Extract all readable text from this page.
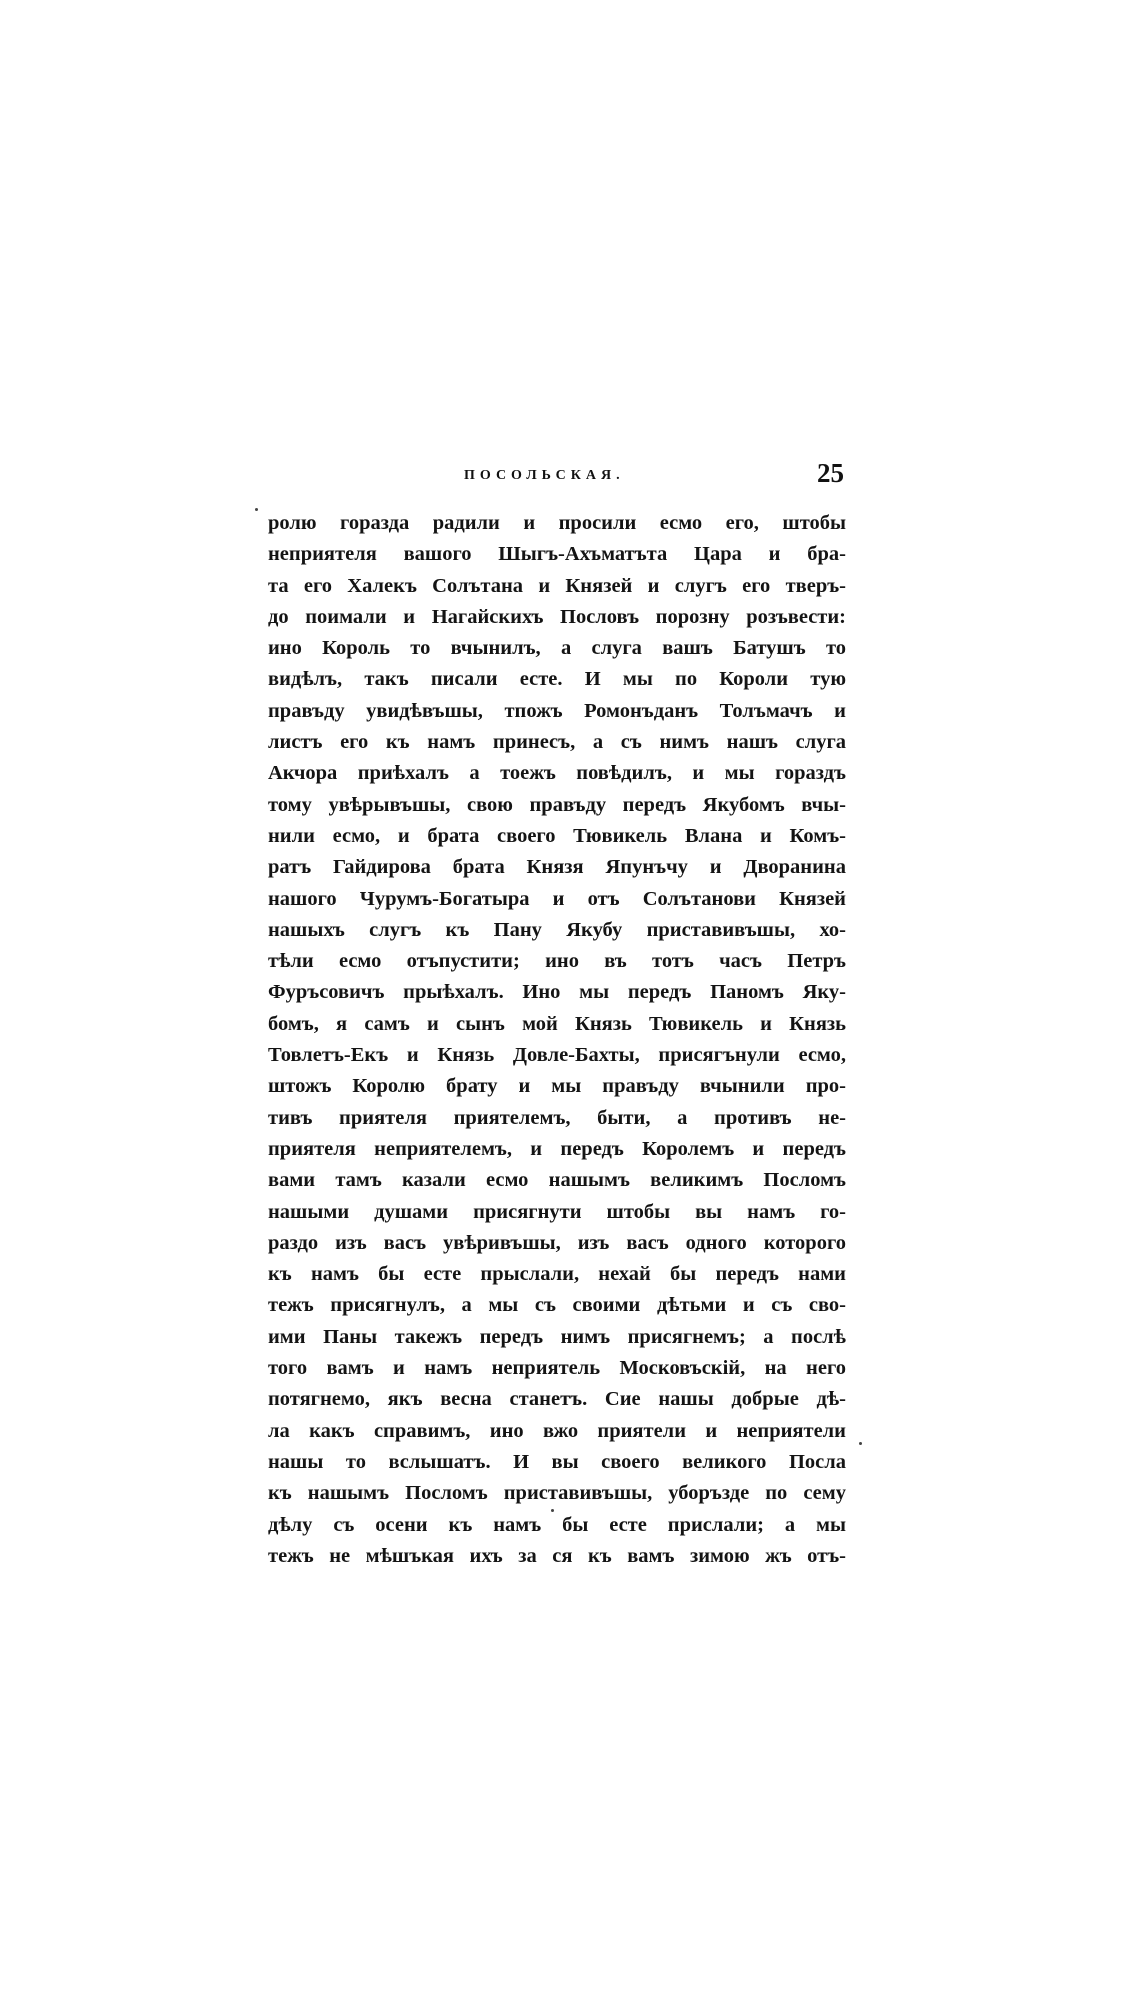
ПОСОЛЬСКАЯ.	25
ролю горазда радили и просили есмо его, штобы
неприятеля вашого Шыгъ-Ахъматъта Цара и бра-
та его Халекъ Солътана и Князей и слугъ его тверъ-
до поимали и Нагайскихъ Пословъ порозну розъвести:
ино Король то вчынилъ, а слуга вашъ Батушъ то
видѣлъ, такъ писали есте. И мы по Короли тую
правъду увидѣвъшы, тпожъ Ромонъданъ Толъмачъ и
листъ его къ намъ принесъ, а съ нимъ нашъ слуга
Акчора приѣхалъ а тоежъ повѣдилъ, и мы гораздъ
тому увѣрывъшы, свою правъду передъ Якубомъ вчы-
нили есмо, и брата своего Тювикель Влана и Комъ-
ратъ Гайдирова брата Князя Япунъчу и Дворанина
нашого Чурумъ-Богатыра и отъ Солътанови Князей
нашыхъ слугъ къ Пану Якубу приставивъшы, хо-
тѣли есмо отъпустити; ино въ тотъ часъ Петръ
Фуръсовичъ прыѣхалъ. Ино мы передъ Паномъ Яку-
бомъ, я самъ и сынъ мой Князь Тювикель и Князь
Товлетъ-Екъ и Князь Довле-Бахты, присягънули есмо,
штожъ Королю брату и мы правъду вчынили про-
тивъ приятеля приятелемъ, быти, а противъ не-
приятеля неприятелемъ, и передъ Королемъ и передъ
вами тамъ казали есмо нашымъ великимъ Посломъ
нашыми душами присягнути штобы вы намъ го-
раздо изъ васъ увѣривъшы, изъ васъ одного которого
къ намъ бы есте прыслали, нехай бы передъ нами
тежъ присягнулъ, а мы съ своими дѣтьми и съ сво-
ими Паны такежъ передъ нимъ присягнемъ; а послѣ
того вамъ и намъ неприятель Московъскій, на него
потягнемо, якъ весна станетъ. Сие нашы добрые дѣ-
ла какъ справимъ, ино вжо приятели и неприятели
нашы то вслышатъ. И вы своего великого Посла
къ нашымъ Посломъ приставивъшы, уборъзде по сему
дѣлу съ осени къ намъ бы есте прислали; а мы
тежъ не мѣшъкая ихъ за ся къ вамъ зимою жъ отъ-
